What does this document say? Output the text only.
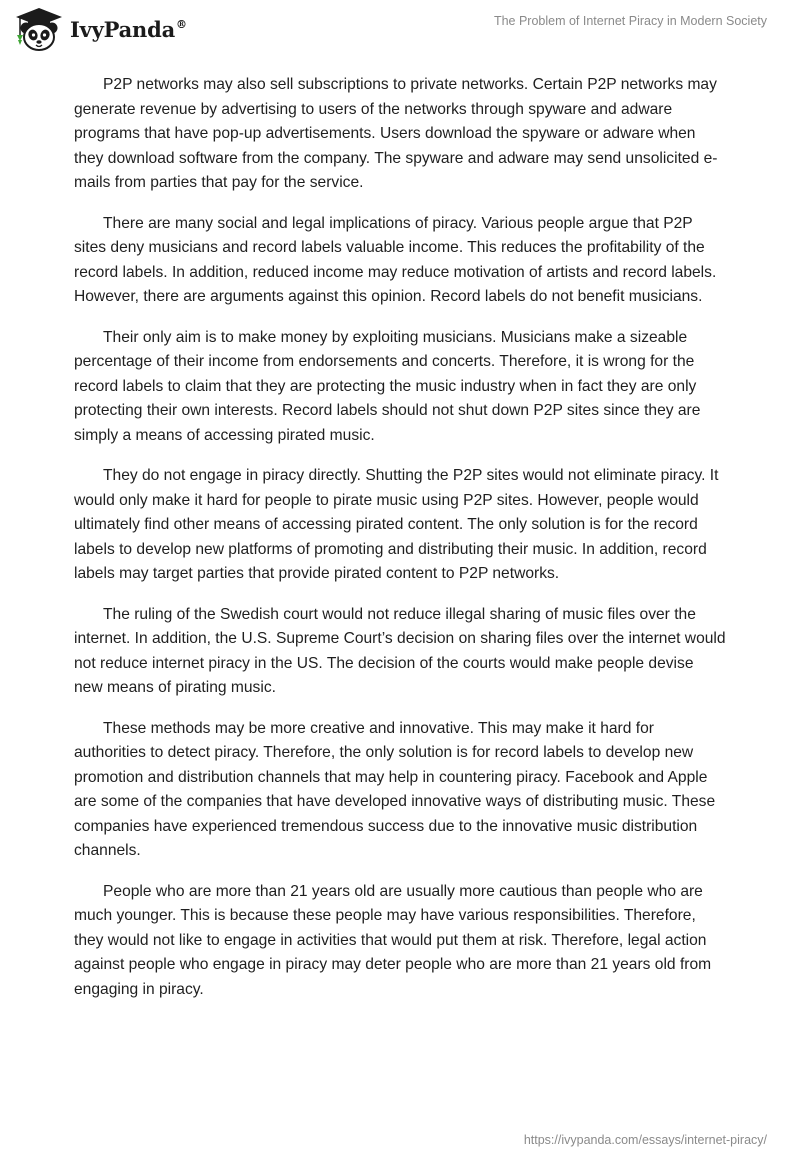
IvyPanda®	The Problem of Internet Piracy in Modern Society

P2P networks may also sell subscriptions to private networks. Certain P2P networks may generate revenue by advertising to users of the networks through spyware and adware programs that have pop-up advertisements. Users download the spyware or adware when they download software from the company. The spyware and adware may send unsolicited e-mails from parties that pay for the service.

There are many social and legal implications of piracy. Various people argue that P2P sites deny musicians and record labels valuable income. This reduces the profitability of the record labels. In addition, reduced income may reduce motivation of artists and record labels. However, there are arguments against this opinion. Record labels do not benefit musicians.

Their only aim is to make money by exploiting musicians. Musicians make a sizeable percentage of their income from endorsements and concerts. Therefore, it is wrong for the record labels to claim that they are protecting the music industry when in fact they are only protecting their own interests. Record labels should not shut down P2P sites since they are simply a means of accessing pirated music.

They do not engage in piracy directly. Shutting the P2P sites would not eliminate piracy. It would only make it hard for people to pirate music using P2P sites. However, people would ultimately find other means of accessing pirated content. The only solution is for the record labels to develop new platforms of promoting and distributing their music. In addition, record labels may target parties that provide pirated content to P2P networks.

The ruling of the Swedish court would not reduce illegal sharing of music files over the internet. In addition, the U.S. Supreme Court’s decision on sharing files over the internet would not reduce internet piracy in the US. The decision of the courts would make people devise new means of pirating music.

These methods may be more creative and innovative. This may make it hard for authorities to detect piracy. Therefore, the only solution is for record labels to develop new promotion and distribution channels that may help in countering piracy. Facebook and Apple are some of the companies that have developed innovative ways of distributing music. These companies have experienced tremendous success due to the innovative music distribution channels.

People who are more than 21 years old are usually more cautious than people who are much younger. This is because these people may have various responsibilities. Therefore, they would not like to engage in activities that would put them at risk. Therefore, legal action against people who engage in piracy may deter people who are more than 21 years old from engaging in piracy.

https://ivypanda.com/essays/internet-piracy/
